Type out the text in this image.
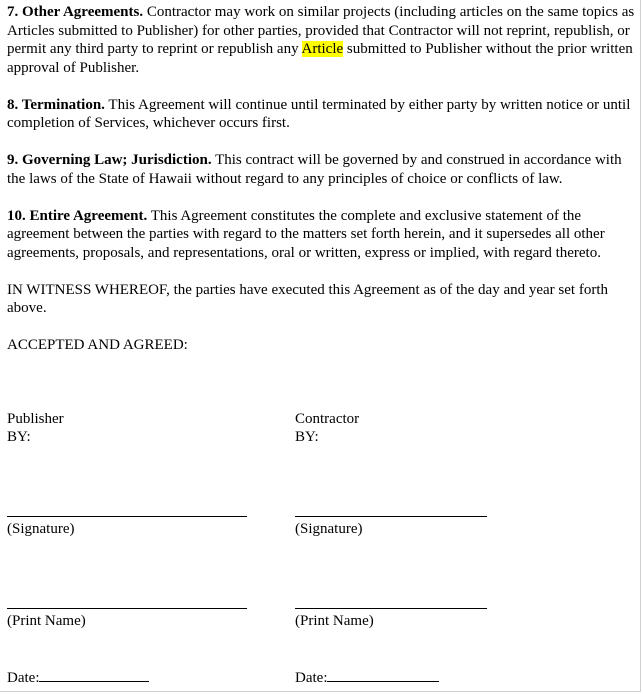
7. Other Agreements. Contractor may work on similar projects (including articles on the same topics as Articles submitted to Publisher) for other parties, provided that Contractor will not reprint, republish, or permit any third party to reprint or republish any Article submitted to Publisher without the prior written approval of Publisher.

8. Termination. This Agreement will continue until terminated by either party by written notice or until completion of Services, whichever occurs first.

9. Governing Law; Jurisdiction. This contract will be governed by and construed in accordance with the laws of the State of Hawaii without regard to any principles of choice or conflicts of law.

10. Entire Agreement. This Agreement constitutes the complete and exclusive statement of the agreement between the parties with regard to the matters set forth herein, and it supersedes all other agreements, proposals, and representations, oral or written, express or implied, with regard thereto.

IN WITNESS WHEREOF, the parties have executed this Agreement as of the day and year set forth above.

ACCEPTED AND AGREED:

Publisher
BY:
(Signature)
(Print Name)
Date:
Contractor
BY:
(Signature)
(Print Name)
Date:
